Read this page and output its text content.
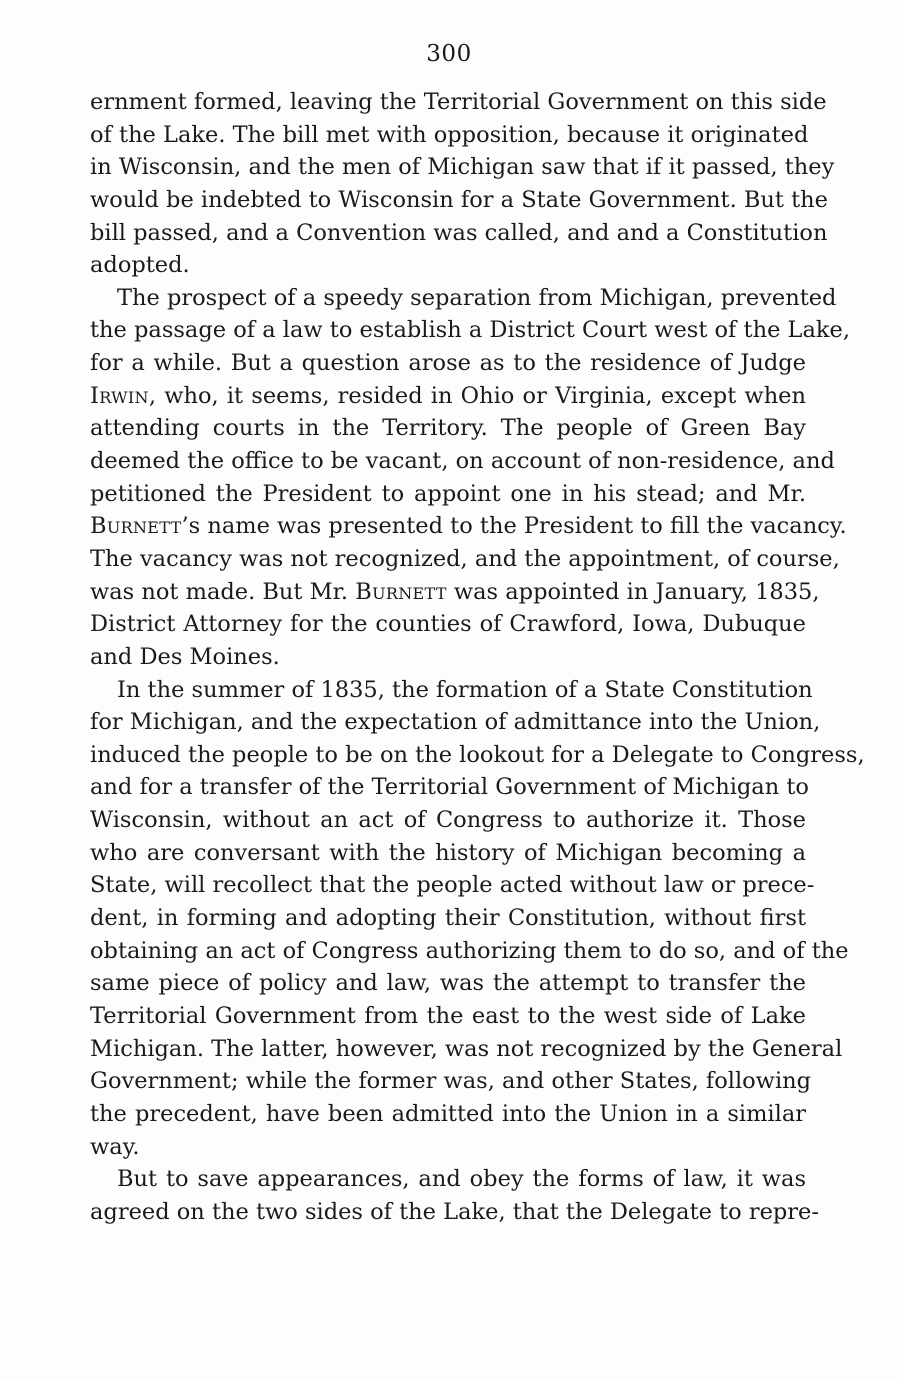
300
ernment formed, leaving the Territorial Government on this side
of the Lake. The bill met with opposition, because it originated
in Wisconsin, and the men of Michigan saw that if it passed, they
would be indebted to Wisconsin for a State Government. But the
bill passed, and a Convention was called, and and a Constitution
adopted.
The prospect of a speedy separation from Michigan, prevented
the passage of a law to establish a District Court west of the Lake,
for a while. But a question arose as to the residence of Judge
Irwin, who, it seems, resided in Ohio or Virginia, except when
attending courts in the Territory. The people of Green Bay
deemed the office to be vacant, on account of non-residence, and
petitioned the President to appoint one in his stead; and Mr.
Burnett’s name was presented to the President to fill the vacancy.
The vacancy was not recognized, and the appointment, of course,
was not made. But Mr. Burnett was appointed in January, 1835,
District Attorney for the counties of Crawford, Iowa, Dubuque
and Des Moines.
In the summer of 1835, the formation of a State Constitution
for Michigan, and the expectation of admittance into the Union,
induced the people to be on the lookout for a Delegate to Congress,
and for a transfer of the Territorial Government of Michigan to
Wisconsin, without an act of Congress to authorize it. Those
who are conversant with the history of Michigan becoming a
State, will recollect that the people acted without law or prece-
dent, in forming and adopting their Constitution, without first
obtaining an act of Congress authorizing them to do so, and of the
same piece of policy and law, was the attempt to transfer the
Territorial Government from the east to the west side of Lake
Michigan. The latter, however, was not recognized by the General
Government; while the former was, and other States, following
the precedent, have been admitted into the Union in a similar
way.
But to save appearances, and obey the forms of law, it was
agreed on the two sides of the Lake, that the Delegate to repre-
